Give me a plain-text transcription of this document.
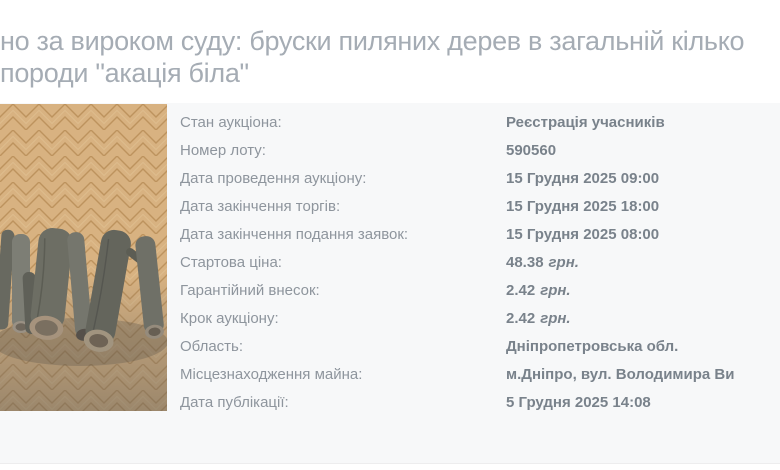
но за вироком суду: бруски пиляних дерев в загальній кілько
породи "акація біла"
Стан аукціона:	Реєстрація учасників
Номер лоту:	590560
Дата проведення аукціону:	15 Грудня 2025 09:00
Дата закінчення торгів:	15 Грудня 2025 18:00
Дата закінчення подання заявок:	15 Грудня 2025 08:00
Стартова ціна:	48.38 грн.
Гарантійний внесок:	2.42 грн.
Крок аукціону:	2.42 грн.
Область:	Дніпропетровська обл.
Місцезнаходження майна:	м.Дніпро, вул. Володимира Ви
Дата публікації:	5 Грудня 2025 14:08
